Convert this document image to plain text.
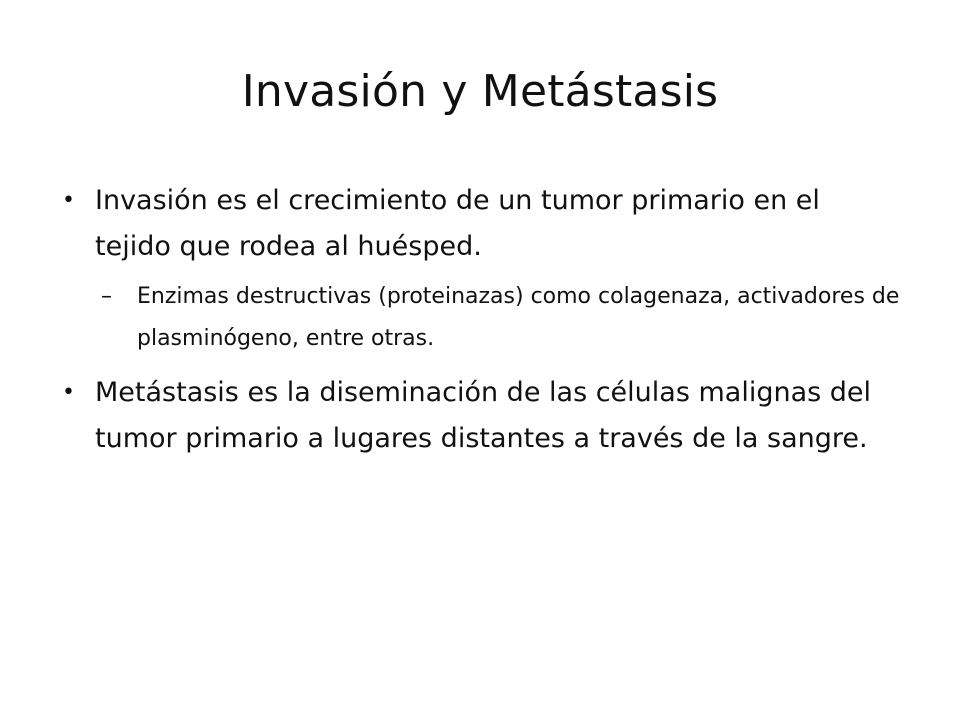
Invasión y Metástasis
• Invasión es el crecimiento de un tumor primario en el tejido que rodea al huésped.
– Enzimas destructivas (proteinazas) como colagenaza, activadores de plasminógeno, entre otras.
• Metástasis es la diseminación de las células malignas del tumor primario a lugares distantes a través de la sangre.
